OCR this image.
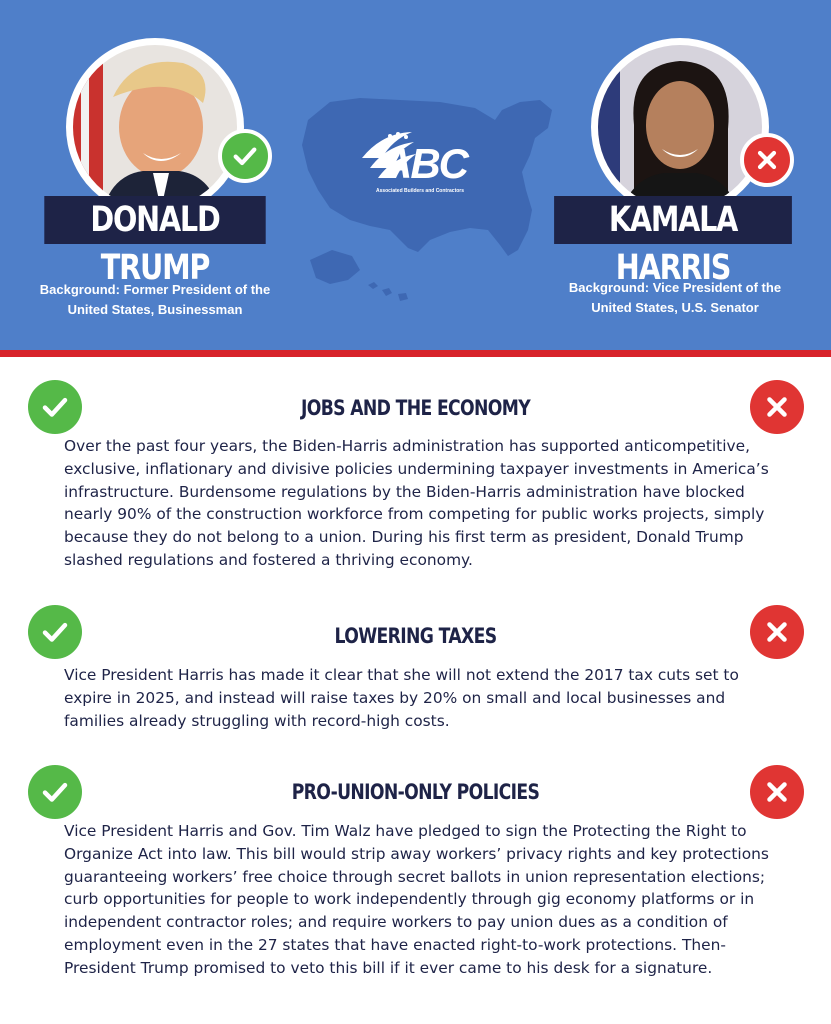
ABC
Associated Builders and Contractors
DONALD TRUMP
KAMALA HARRIS
Background: Former President of the United States, Businessman
Background: Vice President of the United States, U.S. Senator
JOBS AND THE ECONOMY
Over the past four years, the Biden-Harris administration has supported anticompetitive, exclusive, inflationary and divisive policies undermining taxpayer investments in America’s infrastructure. Burdensome regulations by the Biden-Harris administration have blocked nearly 90% of the construction workforce from competing for public works projects, simply because they do not belong to a union. During his first term as president, Donald Trump slashed regulations and fostered a thriving economy.
LOWERING TAXES
Vice President Harris has made it clear that she will not extend the 2017 tax cuts set to expire in 2025, and instead will raise taxes by 20% on small and local businesses and families already struggling with record-high costs.
PRO-UNION-ONLY POLICIES
Vice President Harris and Gov. Tim Walz have pledged to sign the Protecting the Right to Organize Act into law. This bill would strip away workers’ privacy rights and key protections guaranteeing workers’ free choice through secret ballots in union representation elections; curb opportunities for people to work independently through gig economy platforms or in independent contractor roles; and require workers to pay union dues as a condition of employment even in the 27 states that have enacted right-to-work protections. Then-President Trump promised to veto this bill if it ever came to his desk for a signature.
